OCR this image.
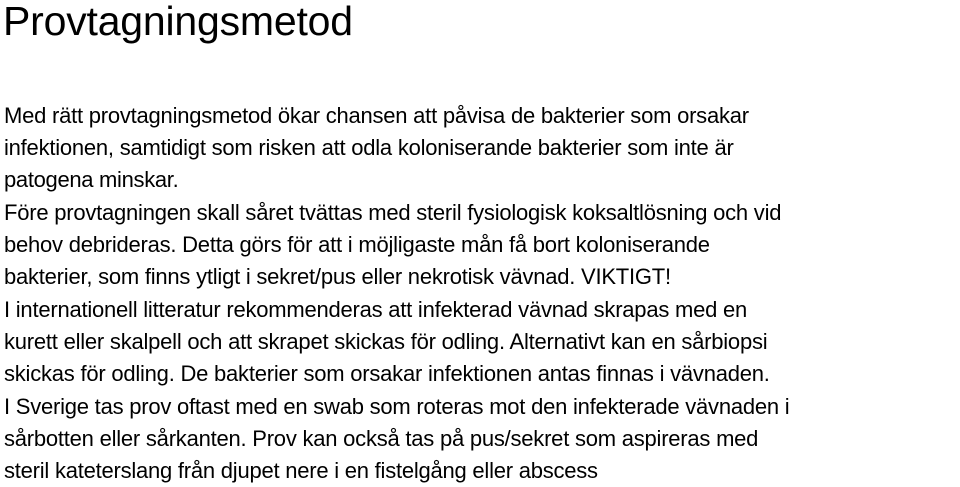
Provtagningsmetod

Med rätt provtagningsmetod ökar chansen att påvisa de bakterier som orsakar
infektionen, samtidigt som risken att odla koloniserande bakterier som inte är
patogena minskar.

Före provtagningen skall såret tvättas med steril fysiologisk koksaltlösning och vid
behov debrideras. Detta görs för att i möjligaste mån få bort koloniserande
bakterier, som finns ytligt i sekret/pus eller nekrotisk vävnad. VIKTIGT!

I internationell litteratur rekommenderas att infekterad vävnad skrapas med en
kurett eller skalpell och att skrapet skickas för odling. Alternativt kan en sårbiopsi
skickas för odling. De bakterier som orsakar infektionen antas finnas i vävnaden.

I Sverige tas prov oftast med en swab som roteras mot den infekterade vävnaden i
sårbotten eller sårkanten. Prov kan också tas på pus/sekret som aspireras med
steril kateterslang från djupet nere i en fistelgång eller abscess
